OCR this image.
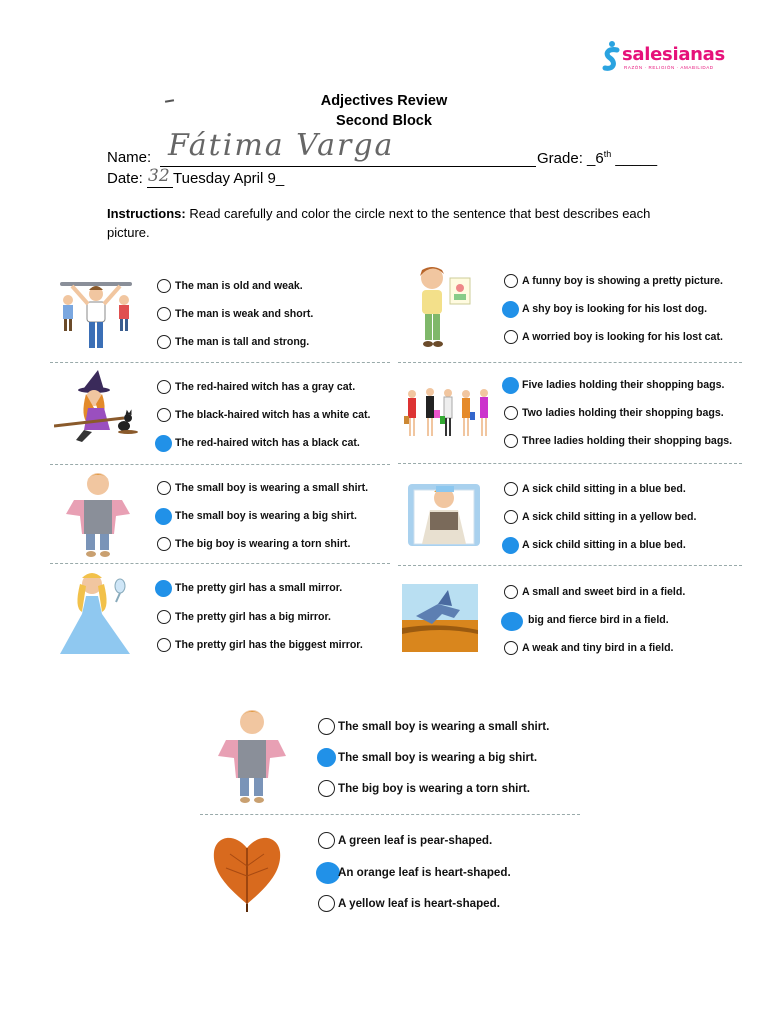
salesianas
RAZÓN · RELIGIÓN · AMABILIDAD
Adjectives Review
Second Block
Name: Fátima Varga	Grade: _6th _____
Date: 32 Tuesday April 9_
Instructions: Read carefully and color the circle next to the sentence that best describes each picture.
The man is old and weak.
The man is weak and short.
The man is tall and strong.
A funny boy is showing a pretty picture.
A shy boy is looking for his lost dog.
A worried boy is looking for his lost cat.
The red-haired witch has a gray cat.
The black-haired witch has a white cat.
The red-haired witch has a black cat.
Five ladies holding their shopping bags.
Two ladies holding their shopping bags.
Three ladies holding their shopping bags.
The small boy is wearing a small shirt.
The small boy is wearing a big shirt.
The big boy is wearing a torn shirt.
A sick child sitting in a blue bed.
A sick child sitting in a yellow bed.
A sick child sitting in a blue bed.
The pretty girl has a small mirror.
The pretty girl has a big mirror.
The pretty girl has the biggest mirror.
A small and sweet bird in a field.
big and fierce bird in a field.
A weak and tiny bird in a field.
The small boy is wearing a small shirt.
The small boy is wearing a big shirt.
The big boy is wearing a torn shirt.
A green leaf is pear-shaped.
An orange leaf is heart-shaped.
A yellow leaf is heart-shaped.
